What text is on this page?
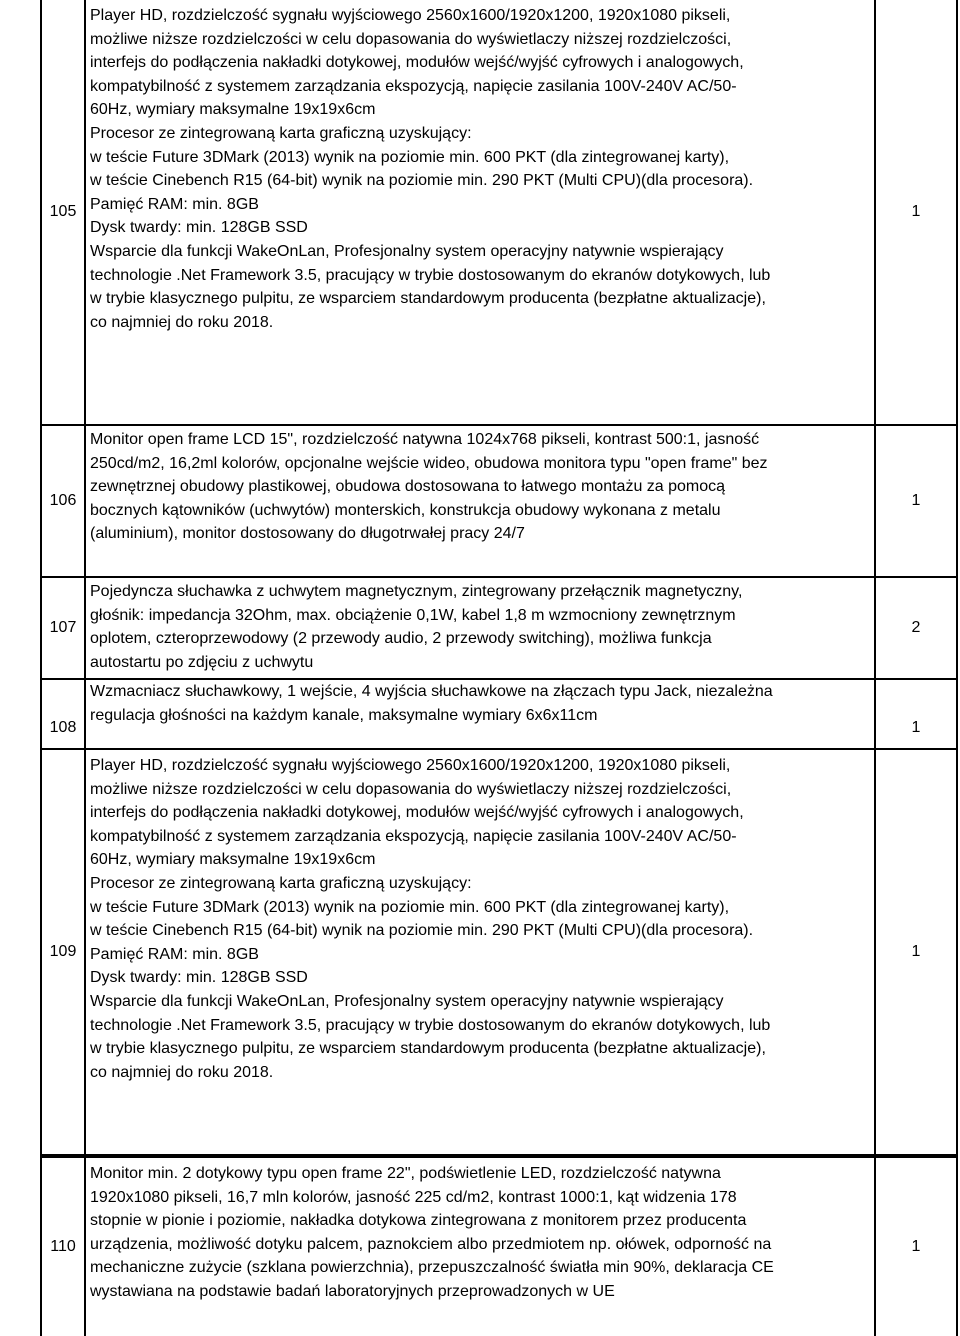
105
Player HD, rozdzielczość sygnału wyjściowego 2560x1600/1920x1200, 1920x1080 pikseli,
możliwe niższe rozdzielczości w celu dopasowania do wyświetlaczy niższej rozdzielczości,
interfejs do podłączenia nakładki dotykowej, modułów wejść/wyjść cyfrowych i analogowych,
kompatybilność z systemem zarządzania ekspozycją, napięcie zasilania 100V-240V AC/50-
60Hz, wymiary maksymalne 19x19x6cm
Procesor ze zintegrowaną karta graficzną uzyskujący:
w teście Future 3DMark (2013) wynik na poziomie min. 600 PKT (dla zintegrowanej karty),
w teście Cinebench R15 (64-bit) wynik na poziomie min. 290 PKT (Multi CPU)(dla procesora).
Pamięć RAM: min. 8GB
Dysk twardy: min. 128GB SSD
Wsparcie dla funkcji WakeOnLan, Profesjonalny system operacyjny natywnie wspierający
technologie .Net Framework 3.5, pracujący w trybie dostosowanym do ekranów dotykowych, lub
w trybie klasycznego pulpitu, ze wsparciem standardowym producenta (bezpłatne aktualizacje),
co najmniej do roku 2018.
1
106
Monitor open frame LCD 15", rozdzielczość natywna 1024x768 pikseli, kontrast 500:1, jasność
250cd/m2, 16,2ml kolorów, opcjonalne wejście wideo, obudowa monitora typu "open frame" bez
zewnętrznej obudowy plastikowej, obudowa dostosowana to łatwego montażu za pomocą
bocznych kątowników (uchwytów) monterskich, konstrukcja obudowy wykonana z metalu
(aluminium), monitor dostosowany do długotrwałej pracy 24/7
1
107
Pojedyncza słuchawka z uchwytem magnetycznym, zintegrowany przełącznik magnetyczny,
głośnik: impedancja 32Ohm, max. obciążenie 0,1W, kabel 1,8 m wzmocniony zewnętrznym
oplotem, czteroprzewodowy (2 przewody audio, 2 przewody switching), możliwa funkcja
autostartu po zdjęciu z uchwytu
2
108
Wzmacniacz słuchawkowy, 1 wejście, 4 wyjścia słuchawkowe na złączach typu Jack, niezależna
regulacja głośności na każdym kanale, maksymalne wymiary 6x6x11cm
1
109
Player HD, rozdzielczość sygnału wyjściowego 2560x1600/1920x1200, 1920x1080 pikseli,
możliwe niższe rozdzielczości w celu dopasowania do wyświetlaczy niższej rozdzielczości,
interfejs do podłączenia nakładki dotykowej, modułów wejść/wyjść cyfrowych i analogowych,
kompatybilność z systemem zarządzania ekspozycją, napięcie zasilania 100V-240V AC/50-
60Hz, wymiary maksymalne 19x19x6cm
Procesor ze zintegrowaną karta graficzną uzyskujący:
w teście Future 3DMark (2013) wynik na poziomie min. 600 PKT (dla zintegrowanej karty),
w teście Cinebench R15 (64-bit) wynik na poziomie min. 290 PKT (Multi CPU)(dla procesora).
Pamięć RAM: min. 8GB
Dysk twardy: min. 128GB SSD
Wsparcie dla funkcji WakeOnLan, Profesjonalny system operacyjny natywnie wspierający
technologie .Net Framework 3.5, pracujący w trybie dostosowanym do ekranów dotykowych, lub
w trybie klasycznego pulpitu, ze wsparciem standardowym producenta (bezpłatne aktualizacje),
co najmniej do roku 2018.
1
110
Monitor min. 2 dotykowy typu open frame 22", podświetlenie LED, rozdzielczość natywna
1920x1080 pikseli, 16,7 mln kolorów, jasność 225 cd/m2, kontrast 1000:1, kąt widzenia 178
stopnie w pionie i poziomie, nakładka dotykowa zintegrowana z monitorem przez producenta
urządzenia, możliwość dotyku palcem, paznokciem albo przedmiotem np. ołówek, odporność na
mechaniczne zużycie (szklana powierzchnia), przepuszczalność światła min 90%, deklaracja CE
wystawiana na podstawie badań laboratoryjnych przeprowadzonych w UE
1
